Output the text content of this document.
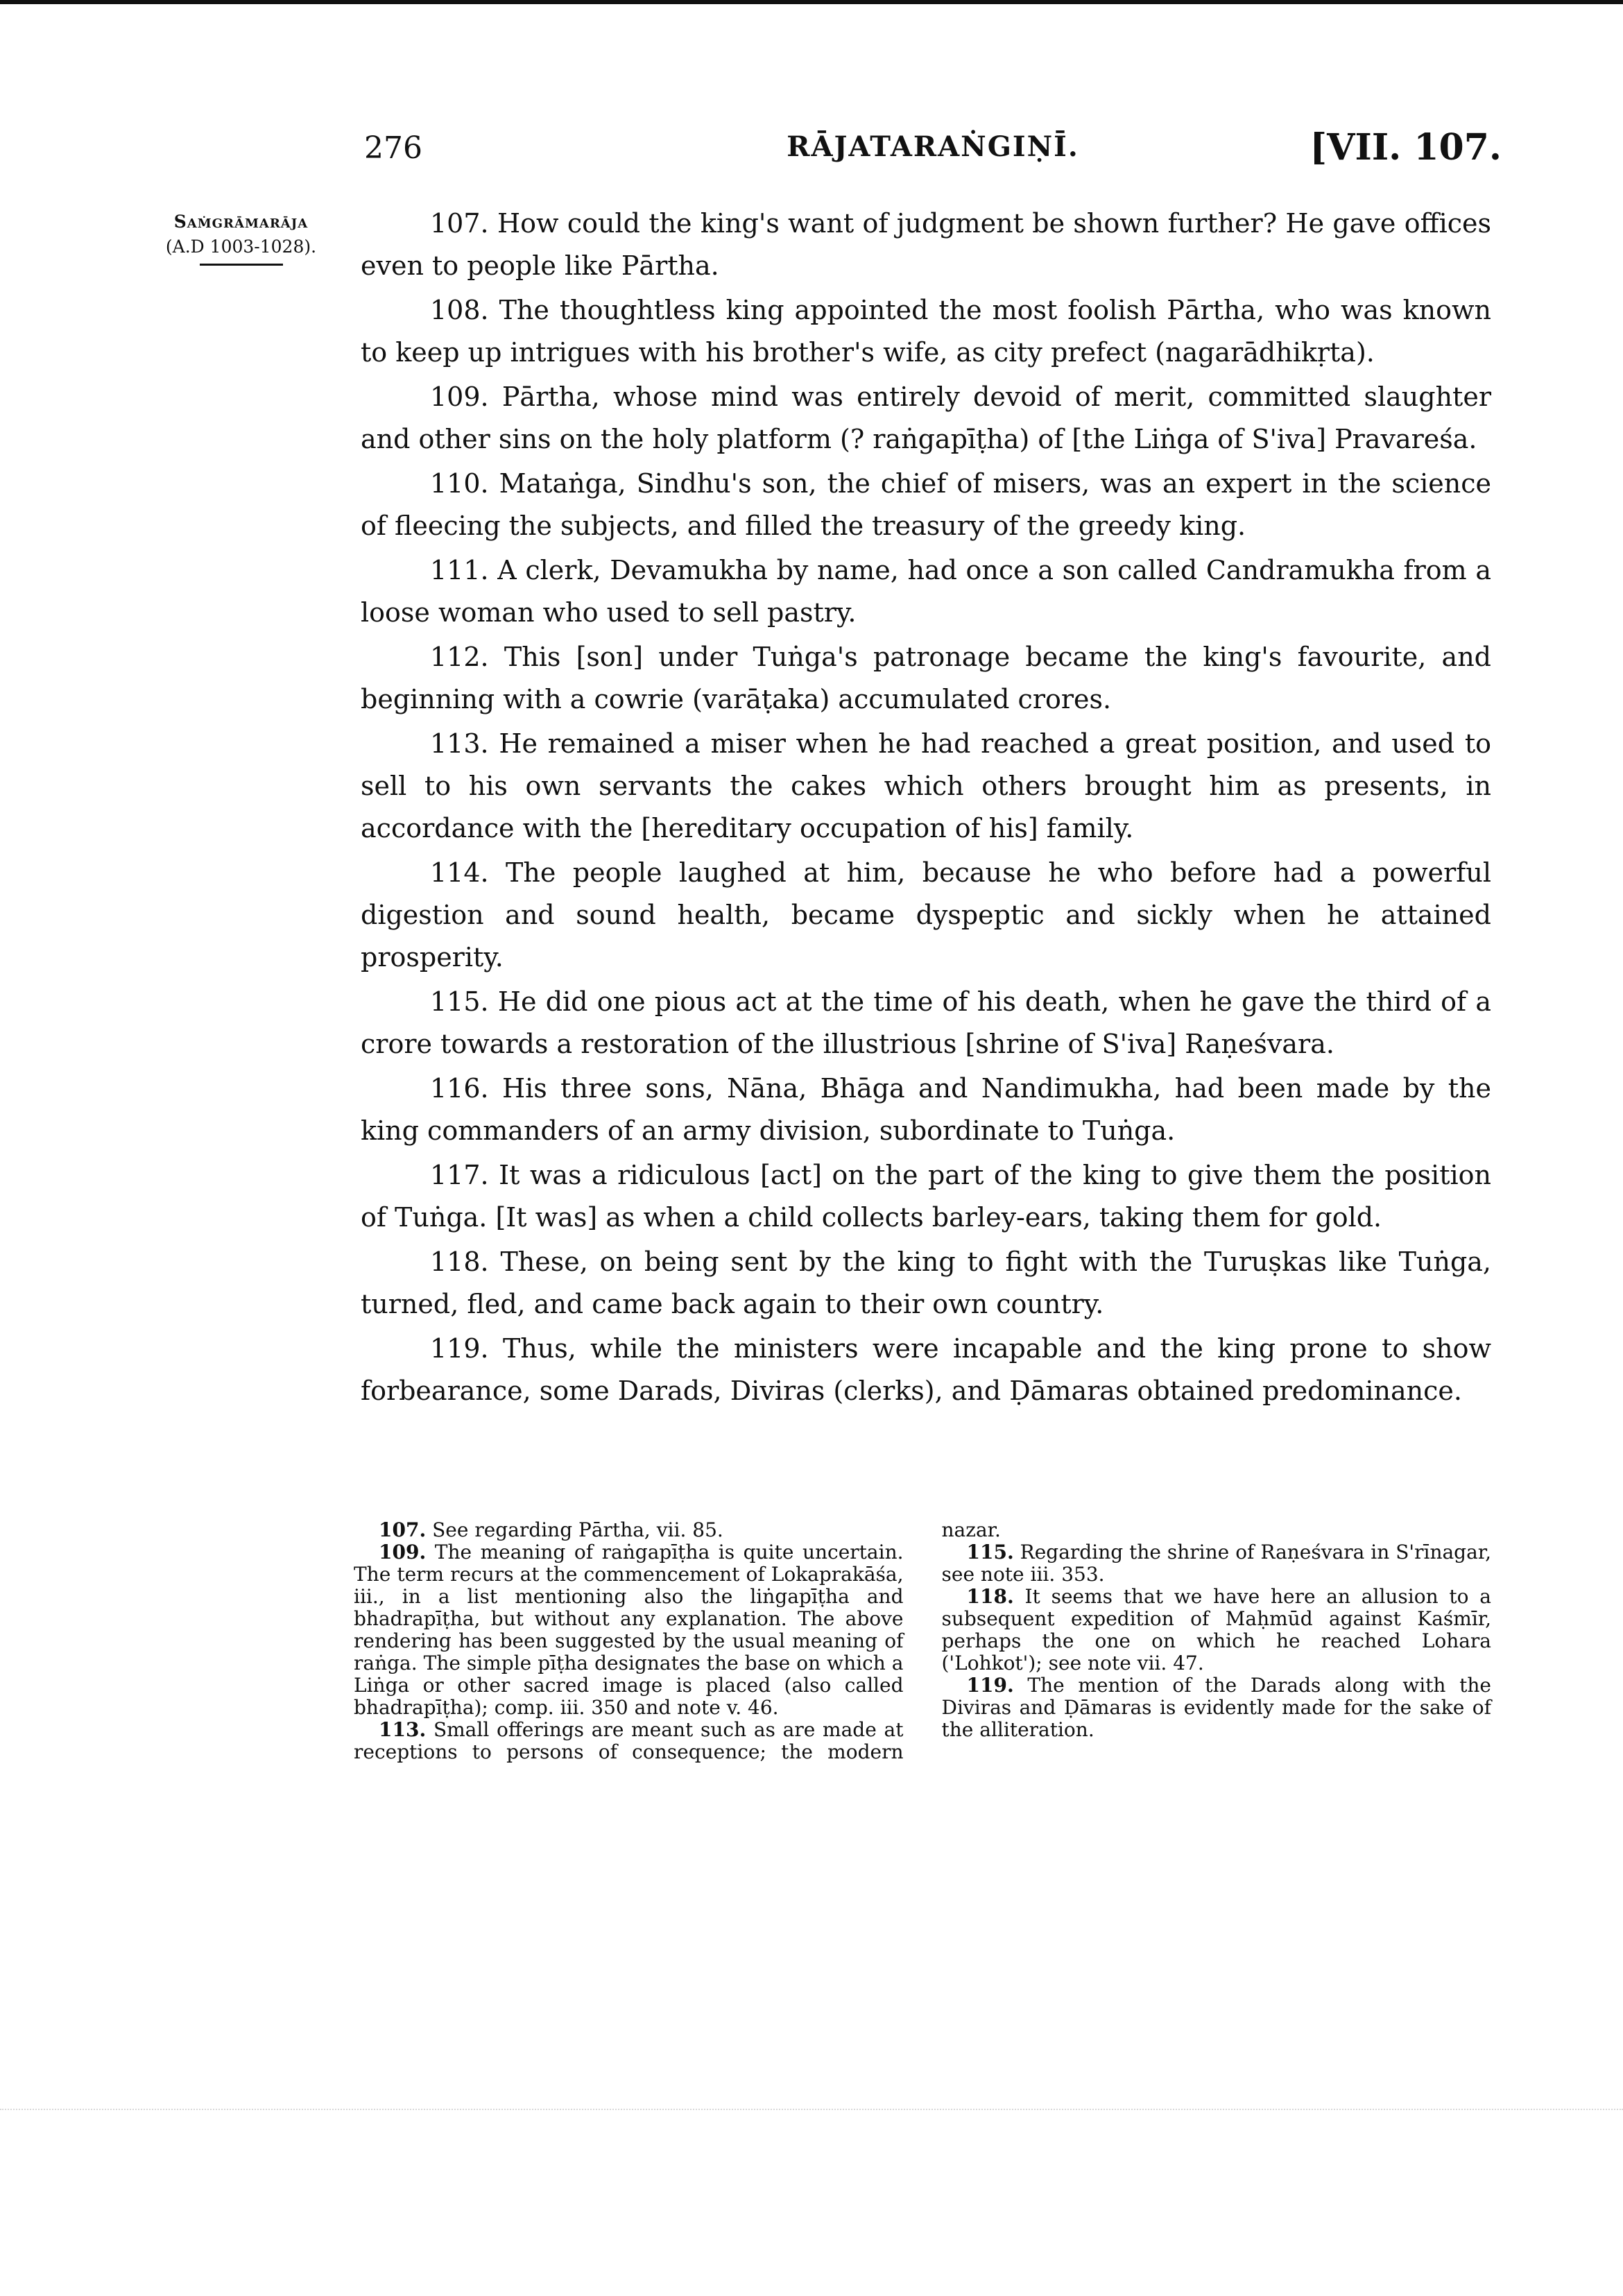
276	RĀJATARAṄGIṆĪ.	[VII. 107.
Saṁgrāmarāja
(A.D 1003-1028).

107. How could the king's want of judgment be shown further? He gave offices even to people like Pārtha.

108. The thoughtless king appointed the most foolish Pārtha, who was known to keep up intrigues with his brother's wife, as city prefect (nagarādhikṛta).

109. Pārtha, whose mind was entirely devoid of merit, committed slaughter and other sins on the holy platform (? raṅgapīṭha) of [the Liṅga of S'iva] Pravareśa.

110. Mataṅga, Sindhu's son, the chief of misers, was an expert in the science of fleecing the subjects, and filled the treasury of the greedy king.

111. A clerk, Devamukha by name, had once a son called Candramukha from a loose woman who used to sell pastry.

112. This [son] under Tuṅga's patronage became the king's favourite, and beginning with a cowrie (varāṭaka) accumulated crores.

113. He remained a miser when he had reached a great position, and used to sell to his own servants the cakes which others brought him as presents, in accordance with the [hereditary occupation of his] family.

114. The people laughed at him, because he who before had a powerful digestion and sound health, became dyspeptic and sickly when he attained prosperity.

115. He did one pious act at the time of his death, when he gave the third of a crore towards a restoration of the illustrious [shrine of S'iva] Raṇeśvara.

116. His three sons, Nāna, Bhāga and Nandimukha, had been made by the king commanders of an army division, subordinate to Tuṅga.

117. It was a ridiculous [act] on the part of the king to give them the position of Tuṅga. [It was] as when a child collects barley-ears, taking them for gold.

118. These, on being sent by the king to fight with the Turuṣkas like Tuṅga, turned, fled, and came back again to their own country.

119. Thus, while the ministers were incapable and the king prone to show forbearance, some Darads, Diviras (clerks), and Ḍāmaras obtained predominance.

107. See regarding Pārtha, vii. 85.

109. The meaning of raṅgapīṭha is quite uncertain. The term recurs at the commencement of Lokaprakāśa, iii., in a list mentioning also the liṅgapīṭha and bhadrapīṭha, but without any explanation. The above rendering has been suggested by the usual meaning of raṅga. The simple pīṭha designates the base on which a Liṅga or other sacred image is placed (also called bhadrapīṭha); comp. iii. 350 and note v. 46.

113. Small offerings are meant such as are made at receptions to persons of consequence; the modern nazar.

115. Regarding the shrine of Raṇeśvara in S'rīnagar, see note iii. 353.

118. It seems that we have here an allusion to a subsequent expedition of Maḥmūd against Kaśmīr, perhaps the one on which he reached Lohara ('Lohkot'); see note vii. 47.

119. The mention of the Darads along with the Diviras and Ḍāmaras is evidently made for the sake of the alliteration.
